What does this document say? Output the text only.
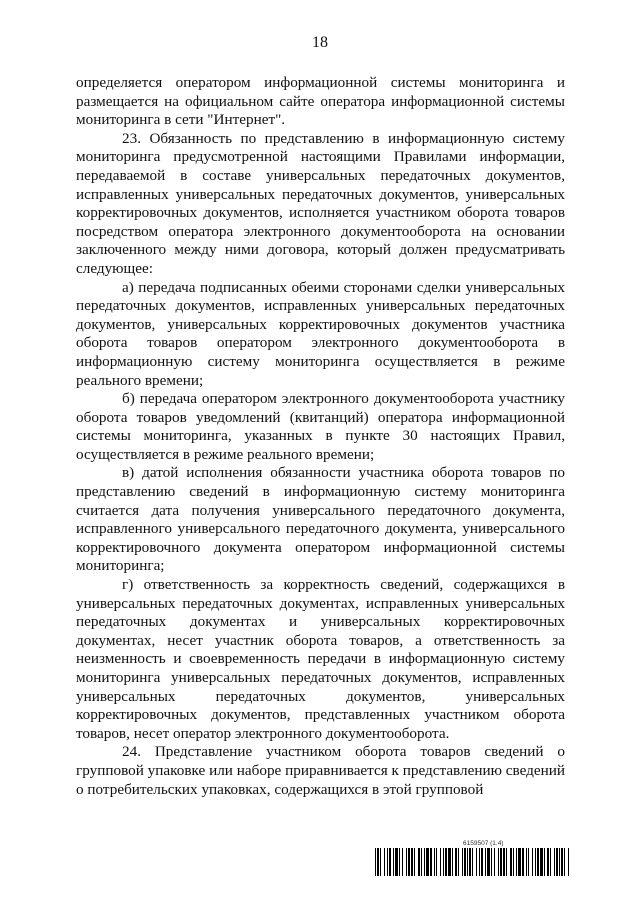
18

определяется оператором информационной системы мониторинга и размещается на официальном сайте оператора информационной системы мониторинга в сети "Интернет".

23. Обязанность по представлению в информационную систему мониторинга предусмотренной настоящими Правилами информации, передаваемой в составе универсальных передаточных документов, исправленных универсальных передаточных документов, универсальных корректировочных документов, исполняется участником оборота товаров посредством оператора электронного документооборота на основании заключенного между ними договора, который должен предусматривать следующее:

а) передача подписанных обеими сторонами сделки универсальных передаточных документов, исправленных универсальных передаточных документов, универсальных корректировочных документов участника оборота товаров оператором электронного документооборота в информационную систему мониторинга осуществляется в режиме реального времени;

б) передача оператором электронного документооборота участнику оборота товаров уведомлений (квитанций) оператора информационной системы мониторинга, указанных в пункте 30 настоящих Правил, осуществляется в режиме реального времени;

в) датой исполнения обязанности участника оборота товаров по представлению сведений в информационную систему мониторинга считается дата получения универсального передаточного документа, исправленного универсального передаточного документа, универсального корректировочного документа оператором информационной системы мониторинга;

г) ответственность за корректность сведений, содержащихся в универсальных передаточных документах, исправленных универсальных передаточных документах и универсальных корректировочных документах, несет участник оборота товаров, а ответственность за неизменность и своевременность передачи в информационную систему мониторинга универсальных передаточных документов, исправленных универсальных передаточных документов, универсальных корректировочных документов, представленных участником оборота товаров, несет оператор электронного документооборота.

24. Представление участником оборота товаров сведений о групповой упаковке или наборе приравнивается к представлению сведений о потребительских упаковках, содержащихся в этой групповой

6159507 (1.4)
